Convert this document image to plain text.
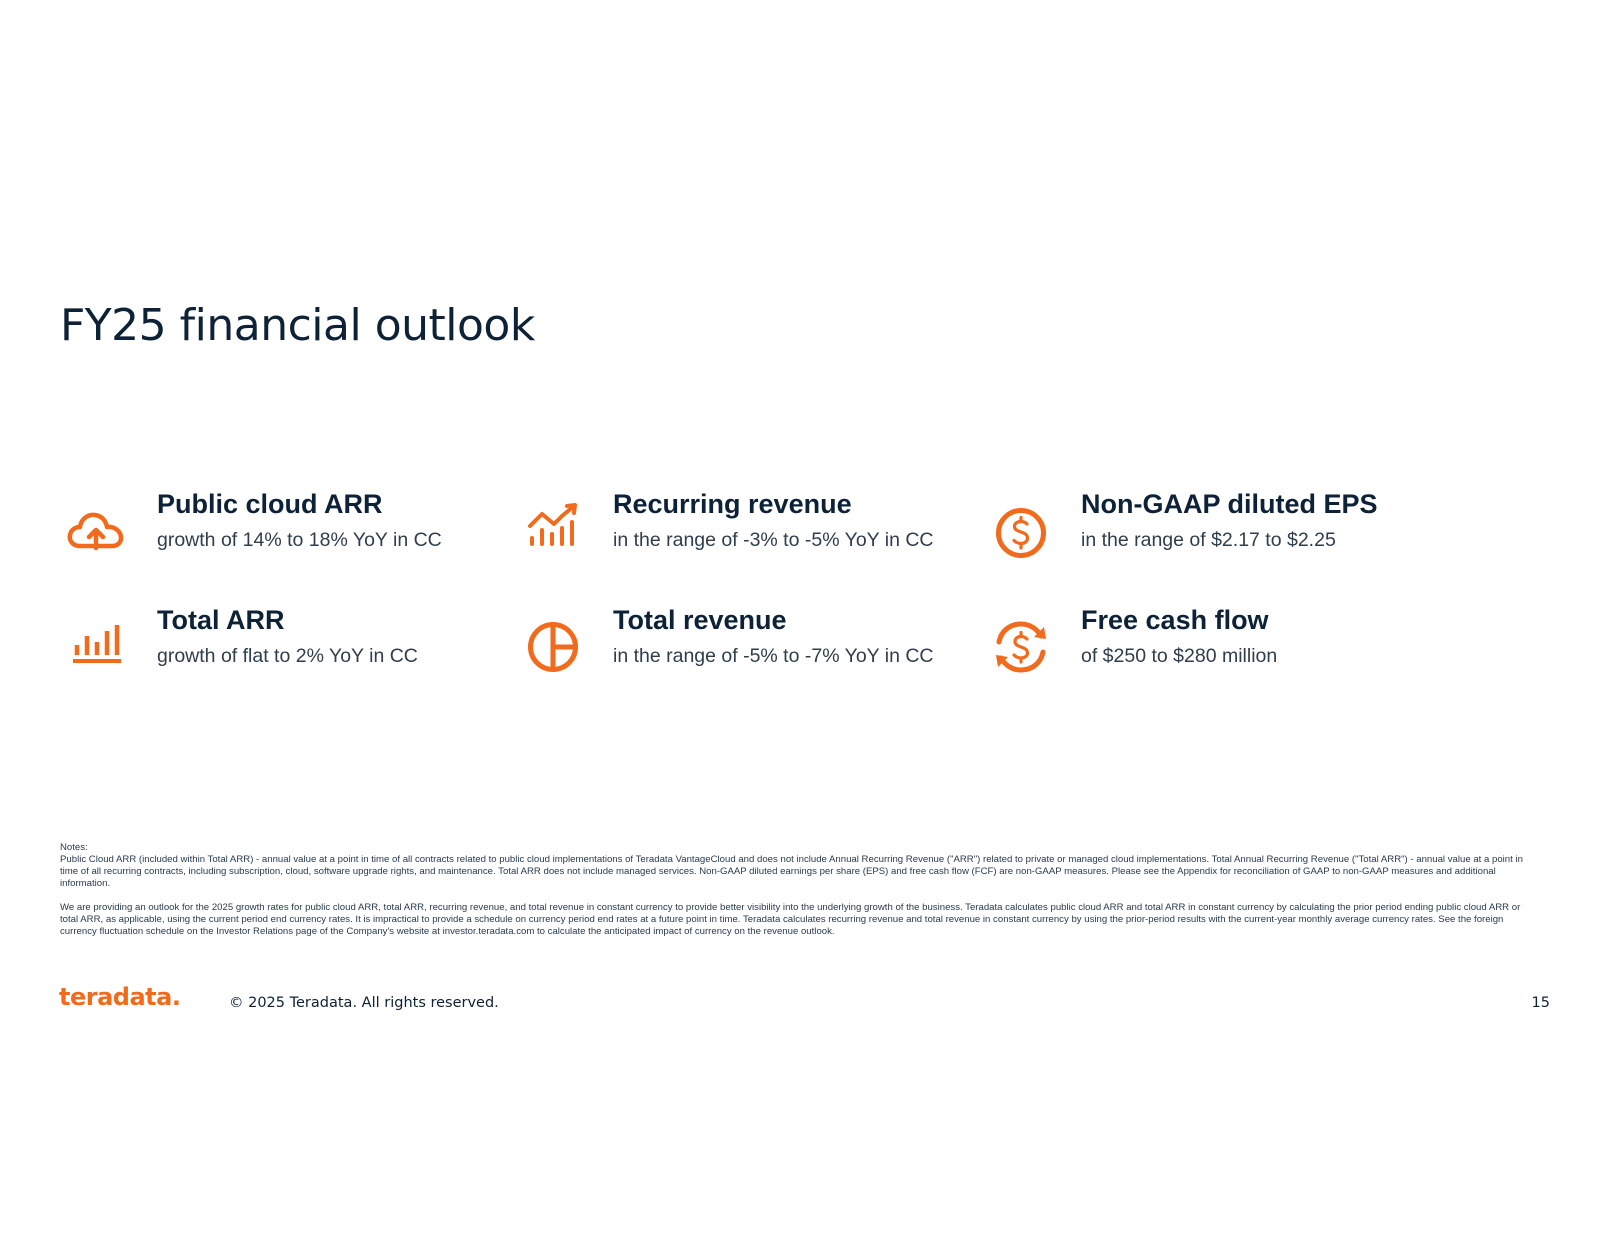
FY25 financial outlook
Public cloud ARR
growth of 14% to 18% YoY in CC
Recurring revenue
in the range of -3% to -5% YoY in CC
Non-GAAP diluted EPS
in the range of $2.17 to $2.25
Total ARR
growth of flat to 2% YoY in CC
Total revenue
in the range of -5% to -7% YoY in CC
Free cash flow
of $250 to $280 million

Notes:

Public Cloud ARR (included within Total ARR) - annual value at a point in time of all contracts related to public cloud implementations of Teradata VantageCloud and does not include Annual Recurring Revenue ("ARR") related to private or managed cloud implementations. Total Annual Recurring Revenue ("Total ARR") - annual value at a point in time of all recurring contracts, including subscription, cloud, software upgrade rights, and maintenance. Total ARR does not include managed services. Non-GAAP diluted earnings per share (EPS) and free cash flow (FCF) are non-GAAP measures. Please see the Appendix for reconciliation of GAAP to non-GAAP measures and additional information.

We are providing an outlook for the 2025 growth rates for public cloud ARR, total ARR, recurring revenue, and total revenue in constant currency to provide better visibility into the underlying growth of the business. Teradata calculates public cloud ARR and total ARR in constant currency by calculating the prior period ending public cloud ARR or total ARR, as applicable, using the current period end currency rates. It is impractical to provide a schedule on currency period end rates at a future point in time. Teradata calculates recurring revenue and total revenue in constant currency by using the prior-period results with the current-year monthly average currency rates. See the foreign currency fluctuation schedule on the Investor Relations page of the Company's website at investor.teradata.com to calculate the anticipated impact of currency on the revenue outlook.

teradata.	© 2025 Teradata. All rights reserved.	15
